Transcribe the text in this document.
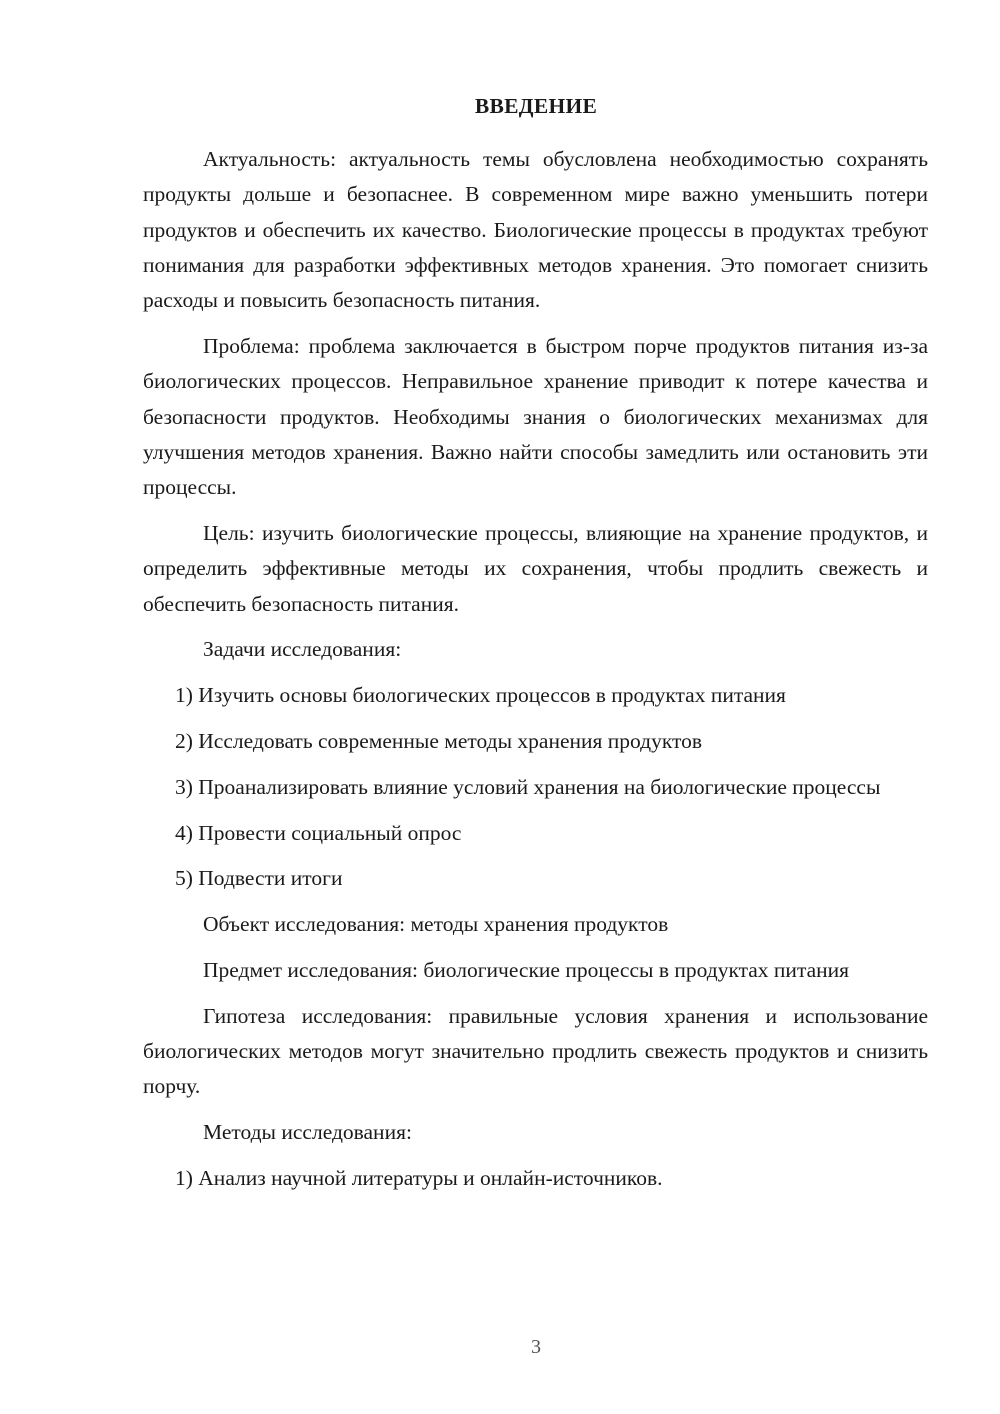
ВВЕДЕНИЕ

Актуальность: актуальность темы обусловлена необходимостью сохранять продукты дольше и безопаснее. В современном мире важно уменьшить потери продуктов и обеспечить их качество. Биологические процессы в продуктах требуют понимания для разработки эффективных методов хранения. Это помогает снизить расходы и повысить безопасность питания.

Проблема: проблема заключается в быстром порче продуктов питания из-за биологических процессов. Неправильное хранение приводит к потере качества и безопасности продуктов. Необходимы знания о биологических механизмах для улучшения методов хранения. Важно найти способы замедлить или остановить эти процессы.

Цель: изучить биологические процессы, влияющие на хранение продуктов, и определить эффективные методы их сохранения, чтобы продлить свежесть и обеспечить безопасность питания.

Задачи исследования:

1) Изучить основы биологических процессов в продуктах питания

2) Исследовать современные методы хранения продуктов

3) Проанализировать влияние условий хранения на биологические процессы

4) Провести социальный опрос

5) Подвести итоги

Объект исследования: методы хранения продуктов

Предмет исследования: биологические процессы в продуктах питания

Гипотеза исследования: правильные условия хранения и использование биологических методов могут значительно продлить свежесть продуктов и снизить порчу.

Методы исследования:

1) Анализ научной литературы и онлайн-источников.

3
